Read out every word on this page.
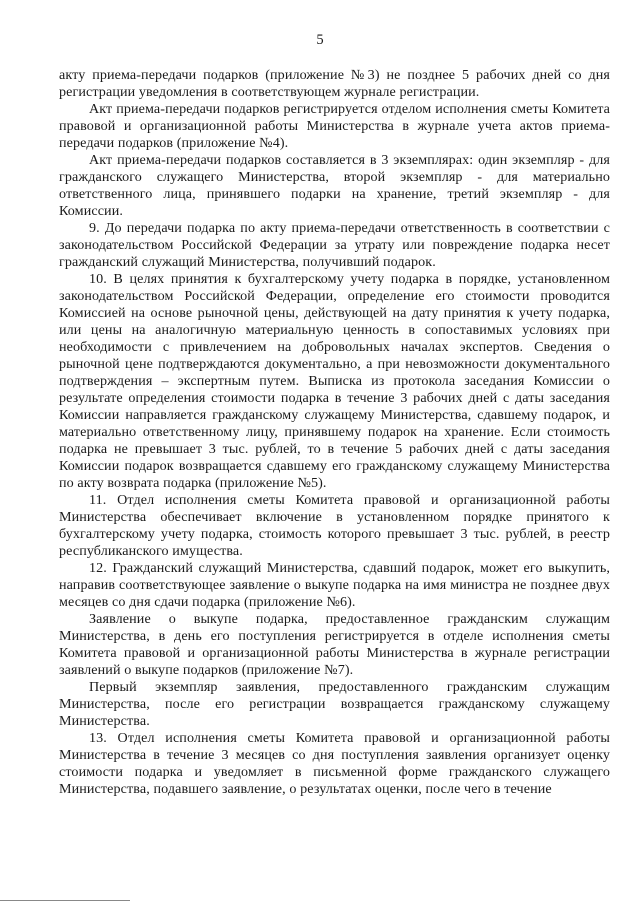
5

акту приема-передачи подарков (приложение №3) не позднее 5 рабочих дней со дня регистрации уведомления в соответствующем журнале регистрации.

Акт приема-передачи подарков регистрируется отделом исполнения сметы Комитета правовой и организационной работы Министерства в журнале учета актов приема-передачи подарков (приложение №4).

Акт приема-передачи подарков составляется в 3 экземплярах: один экземпляр - для гражданского служащего Министерства, второй экземпляр - для материально ответственного лица, принявшего подарки на хранение, третий экземпляр - для Комиссии.

9. До передачи подарка по акту приема-передачи ответственность в соответствии с законодательством Российской Федерации за утрату или повреждение подарка несет гражданский служащий Министерства, получивший подарок.

10. В целях принятия к бухгалтерскому учету подарка в порядке, установленном законодательством Российской Федерации, определение его стоимости проводится Комиссией на основе рыночной цены, действующей на дату принятия к учету подарка, или цены на аналогичную материальную ценность в сопоставимых условиях при необходимости с привлечением на добровольных началах экспертов. Сведения о рыночной цене подтверждаются документально, а при невозможности документального подтверждения – экспертным путем. Выписка из протокола заседания Комиссии о результате определения стоимости подарка в течение 3 рабочих дней с даты заседания Комиссии направляется гражданскому служащему Министерства, сдавшему подарок, и материально ответственному лицу, принявшему подарок на хранение. Если стоимость подарка не превышает 3 тыс. рублей, то в течение 5 рабочих дней с даты заседания Комиссии подарок возвращается сдавшему его гражданскому служащему Министерства по акту возврата подарка (приложение №5).

11. Отдел исполнения сметы Комитета правовой и организационной работы Министерства обеспечивает включение в установленном порядке принятого к бухгалтерскому учету подарка, стоимость которого превышает 3 тыс. рублей, в реестр республиканского имущества.

12. Гражданский служащий Министерства, сдавший подарок, может его выкупить, направив соответствующее заявление о выкупе подарка на имя министра не позднее двух месяцев со дня сдачи подарка (приложение №6).

Заявление о выкупе подарка, предоставленное гражданским служащим Министерства, в день его поступления регистрируется в отделе исполнения сметы Комитета правовой и организационной работы Министерства в журнале регистрации заявлений о выкупе подарков (приложение №7).

Первый экземпляр заявления, предоставленного гражданским служащим Министерства, после его регистрации возвращается гражданскому служащему Министерства.

13. Отдел исполнения сметы Комитета правовой и организационной работы Министерства в течение 3 месяцев со дня поступления заявления организует оценку стоимости подарка и уведомляет в письменной форме гражданского служащего Министерства, подавшего заявление, о результатах оценки, после чего в течение
